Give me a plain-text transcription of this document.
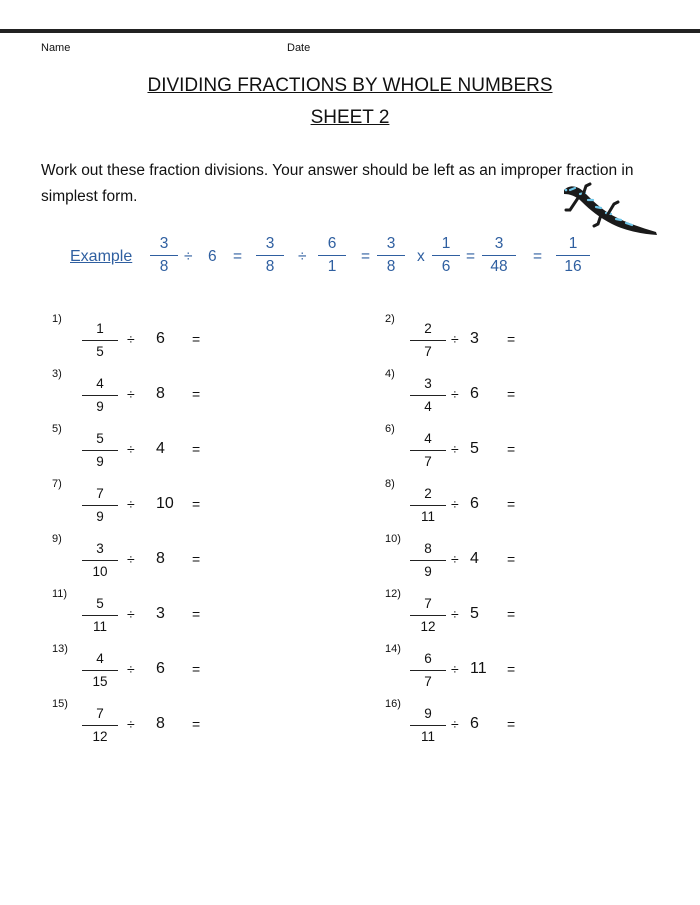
Name	Date
DIVIDING FRACTIONS BY WHOLE NUMBERS
SHEET 2
Work out these fraction divisions. Your answer should be left as an improper fraction in simplest form.
Example
3
8
÷ 6 =
3
8
÷
6
1
=
3
8
x
1
6
=
3
48
=
1
16
1)
1
5
÷ 6 =
2)
2
7
÷ 3 =
3)
4
9
÷ 8 =
4)
3
4
÷ 6 =
5)
5
9
÷ 4 =
6)
4
7
÷ 5 =
7)
7
9
÷ 10 =
8)
2
11
÷ 6 =
9)
3
10
÷ 8 =
10)
8
9
÷ 4 =
11)
5
11
÷ 3 =
12)
7
12
÷ 5 =
13)
4
15
÷ 6 =
14)
6
7
÷ 11 =
15)
7
12
÷ 8 =
16)
9
11
÷ 6 =
